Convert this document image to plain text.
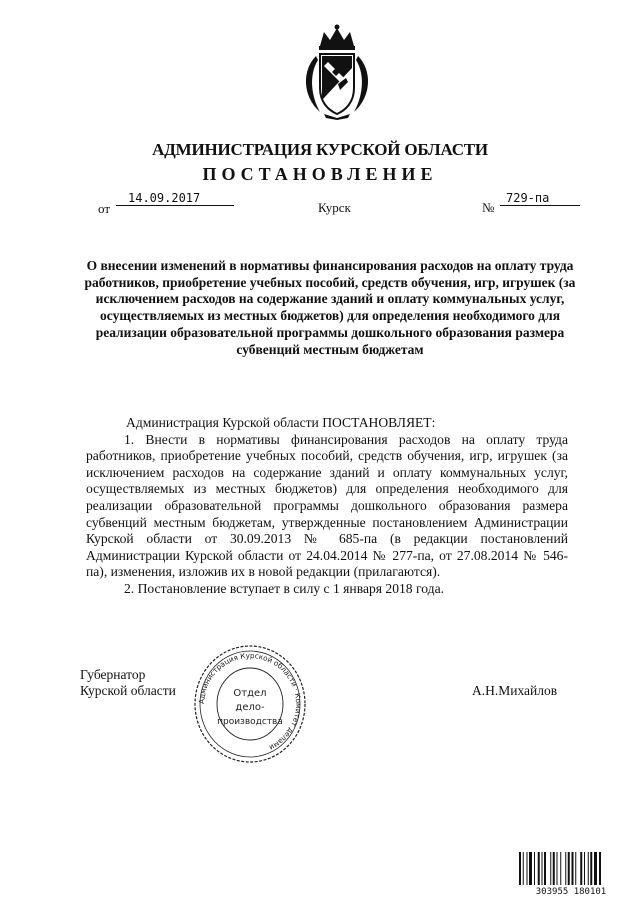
АДМИНИСТРАЦИЯ КУРСКОЙ ОБЛАСТИ
ПОСТАНОВЛЕНИЕ
от
14.09.2017
Курск	№
729-па
О внесении изменений в нормативы финансирования расходов на оплату труда работников, приобретение учебных пособий, средств обучения, игр, игрушек (за исключением расходов на содержание зданий и оплату коммунальных услуг, осуществляемых из местных бюджетов) для определения необходимого для реализации образовательной программы дошкольного образования размера субвенций местным бюджетам

Администрация Курской области ПОСТАНОВЛЯЕТ:

1. Внести в нормативы финансирования расходов на оплату труда работников, приобретение учебных пособий, средств обучения, игр, игрушек (за исключением расходов на содержание зданий и оплату коммунальных услуг, осуществляемых из местных бюджетов) для определения необходимого для реализации образовательной программы дошкольного образования размера субвенций местным бюджетам, утвержденные постановлением Администрации Курской области от 30.09.2013 № 685-па (в редакции постановлений Администрации Курской области от 24.04.2014 № 277-па, от 27.08.2014 № 546-па), изменения, изложив их в новой редакции (прилагаются).

2. Постановление вступает в силу с 1 января 2018 года.

Губернатор
Курской области
Администрация Курской области · Комитет делами
Отдел
дело-
производства
А.Н.Михайлов
303955 180101
